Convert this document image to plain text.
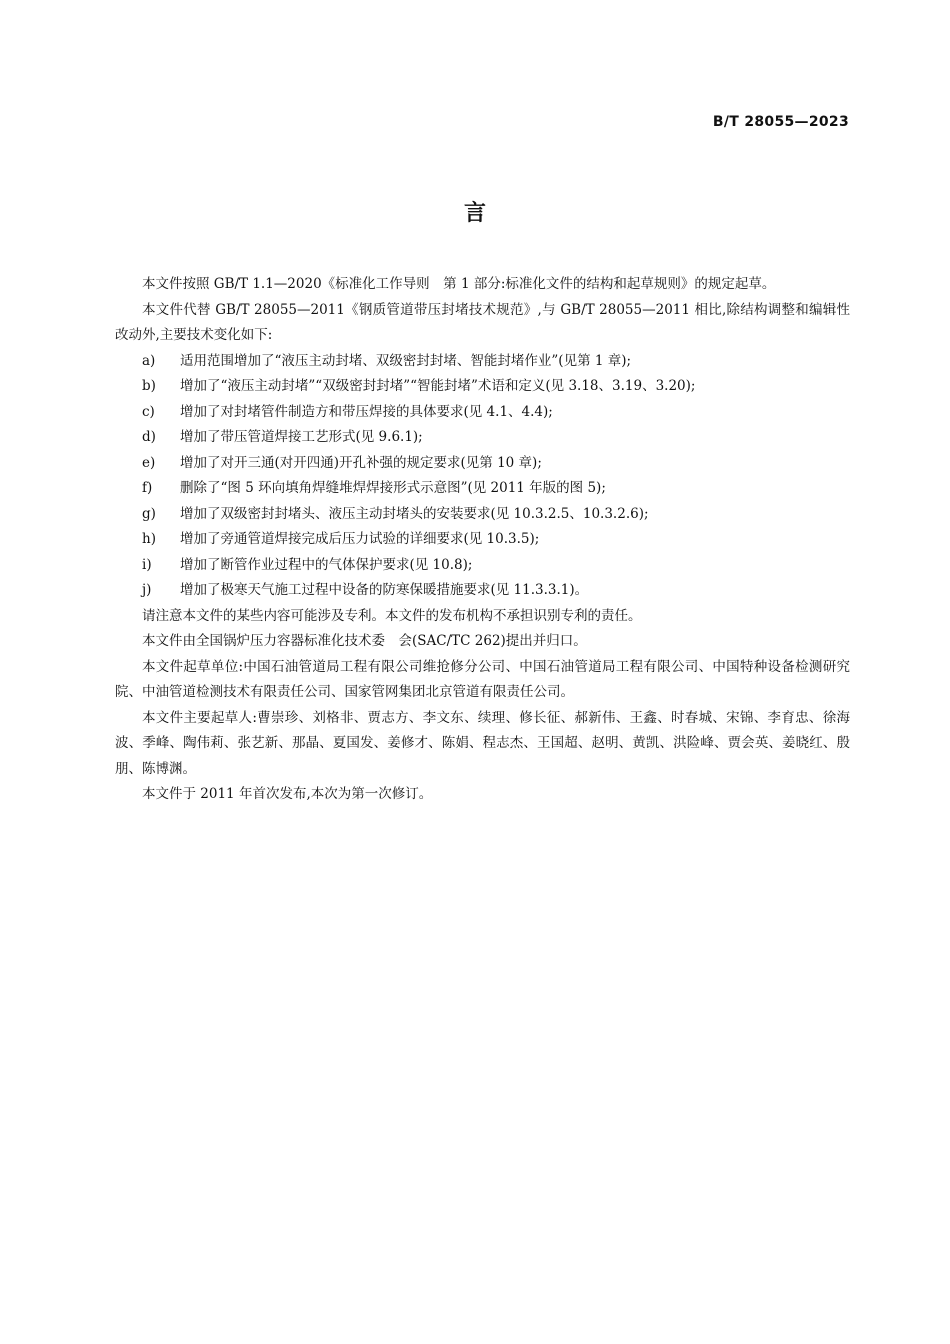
B/T 28055—2023
言

本文件按照 GB/T 1.1—2020《标准化工作导则　第 1 部分:标准化文件的结构和起草规则》的规定起草。

本文件代替 GB/T 28055—2011《钢质管道带压封堵技术规范》,与 GB/T 28055—2011 相比,除结构调整和编辑性改动外,主要技术变化如下:

a)	适用范围增加了“液压主动封堵、双级密封封堵、智能封堵作业”(见第 1 章);
b)	增加了“液压主动封堵”“双级密封封堵”“智能封堵”术语和定义(见 3.18、3.19、3.20);
c)	增加了对封堵管件制造方和带压焊接的具体要求(见 4.1、4.4);
d)	增加了带压管道焊接工艺形式(见 9.6.1);
e)	增加了对开三通(对开四通)开孔补强的规定要求(见第 10 章);
f)	删除了“图 5 环向填角焊缝堆焊焊接形式示意图”(见 2011 年版的图 5);
g)	增加了双级密封封堵头、液压主动封堵头的安装要求(见 10.3.2.5、10.3.2.6);
h)	增加了旁通管道焊接完成后压力试验的详细要求(见 10.3.5);
i)	增加了断管作业过程中的气体保护要求(见 10.8);
j)	增加了极寒天气施工过程中设备的防寒保暖措施要求(见 11.3.3.1)。

请注意本文件的某些内容可能涉及专利。本文件的发布机构不承担识别专利的责任。

本文件由全国锅炉压力容器标准化技术委　会(SAC/TC 262)提出并归口。

本文件起草单位:中国石油管道局工程有限公司维抢修分公司、中国石油管道局工程有限公司、中国特种设备检测研究院、中油管道检测技术有限责任公司、国家管网集团北京管道有限责任公司。

本文件主要起草人:曹崇珍、刘格非、贾志方、李文东、续理、修长征、郝新伟、王鑫、时春城、宋锦、李育忠、徐海波、季峰、陶伟莉、张艺新、那晶、夏国发、姜修才、陈娟、程志杰、王国超、赵明、黄凯、洪险峰、贾会英、姜晓红、殷朋、陈博渊。

本文件于 2011 年首次发布,本次为第一次修订。
